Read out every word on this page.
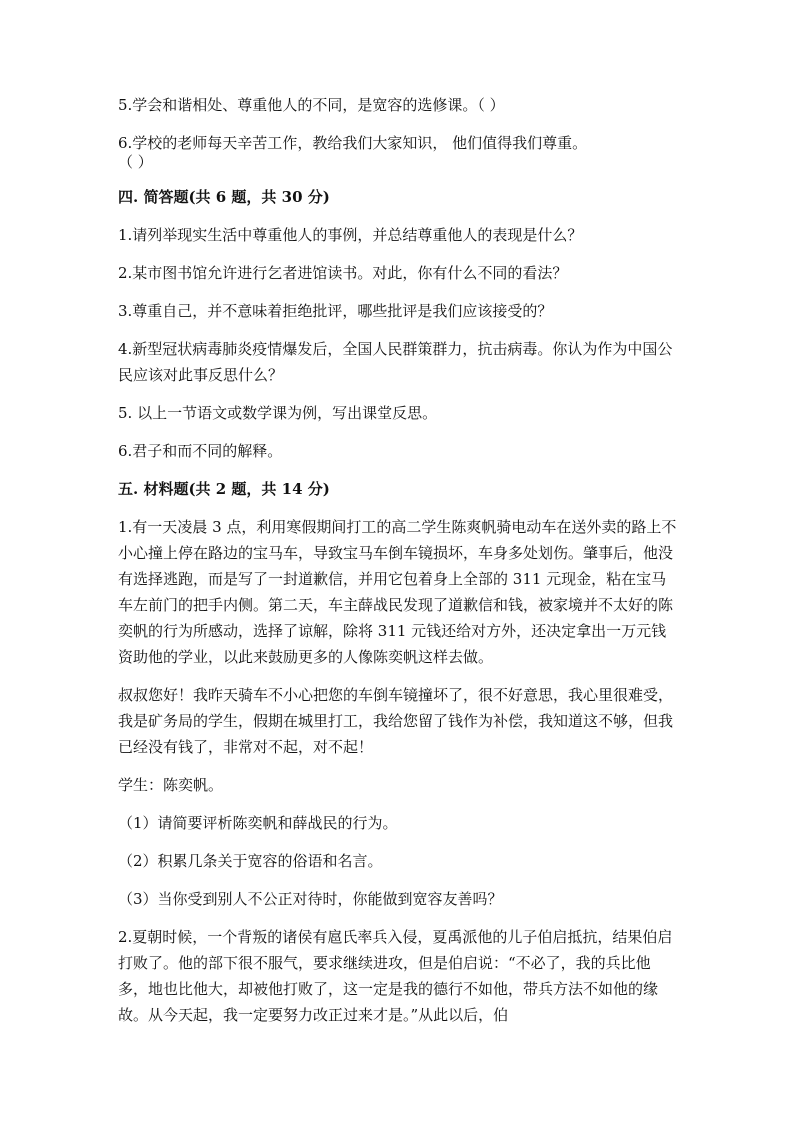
5.学会和谐相处、尊重他人的不同，是宽容的选修课。（ ）

6.学校的老师每天辛苦工作，教给我们大家知识， 他们值得我们尊重。

（ ）

四. 简答题(共 6 题，共 30 分)

1.请列举现实生活中尊重他人的事例，并总结尊重他人的表现是什么？

2.某市图书馆允许进行乞者进馆读书。对此，你有什么不同的看法？

3.尊重自己，并不意味着拒绝批评，哪些批评是我们应该接受的？

4.新型冠状病毒肺炎疫情爆发后，全国人民群策群力，抗击病毒。你认为作为中国公民应该对此事反思什么？

5. 以上一节语文或数学课为例，写出课堂反思。

6.君子和而不同的解释。

五. 材料题(共 2 题，共 14 分)

1.有一天凌晨 3 点，利用寒假期间打工的高二学生陈爽帆骑电动车在送外卖的路上不小心撞上停在路边的宝马车，导致宝马车倒车镜损坏，车身多处划伤。肇事后，他没有选择逃跑，而是写了一封道歉信，并用它包着身上全部的 311 元现金，粘在宝马车左前门的把手内侧。第二天，车主薛战民发现了道歉信和钱，被家境并不太好的陈奕帆的行为所感动，选择了谅解，除将 311 元钱还给对方外，还决定拿出一万元钱资助他的学业，以此来鼓励更多的人像陈奕帆这样去做。

叔叔您好！我昨天骑车不小心把您的车倒车镜撞坏了，很不好意思，我心里很难受，我是矿务局的学生，假期在城里打工，我给您留了钱作为补偿，我知道这不够，但我已经没有钱了，非常对不起，对不起！

学生：陈奕帆。

（1）请简要评析陈奕帆和薛战民的行为。

（2）积累几条关于宽容的俗语和名言。

（3）当你受到别人不公正对待时，你能做到宽容友善吗？

2.夏朝时候，一个背叛的诸侯有扈氏率兵入侵，夏禹派他的儿子伯启抵抗，结果伯启打败了。他的部下很不服气，要求继续进攻，但是伯启说：“不必了，我的兵比他多，地也比他大，却被他打败了，这一定是我的德行不如他，带兵方法不如他的缘故。从今天起，我一定要努力改正过来才是。”从此以后，伯
